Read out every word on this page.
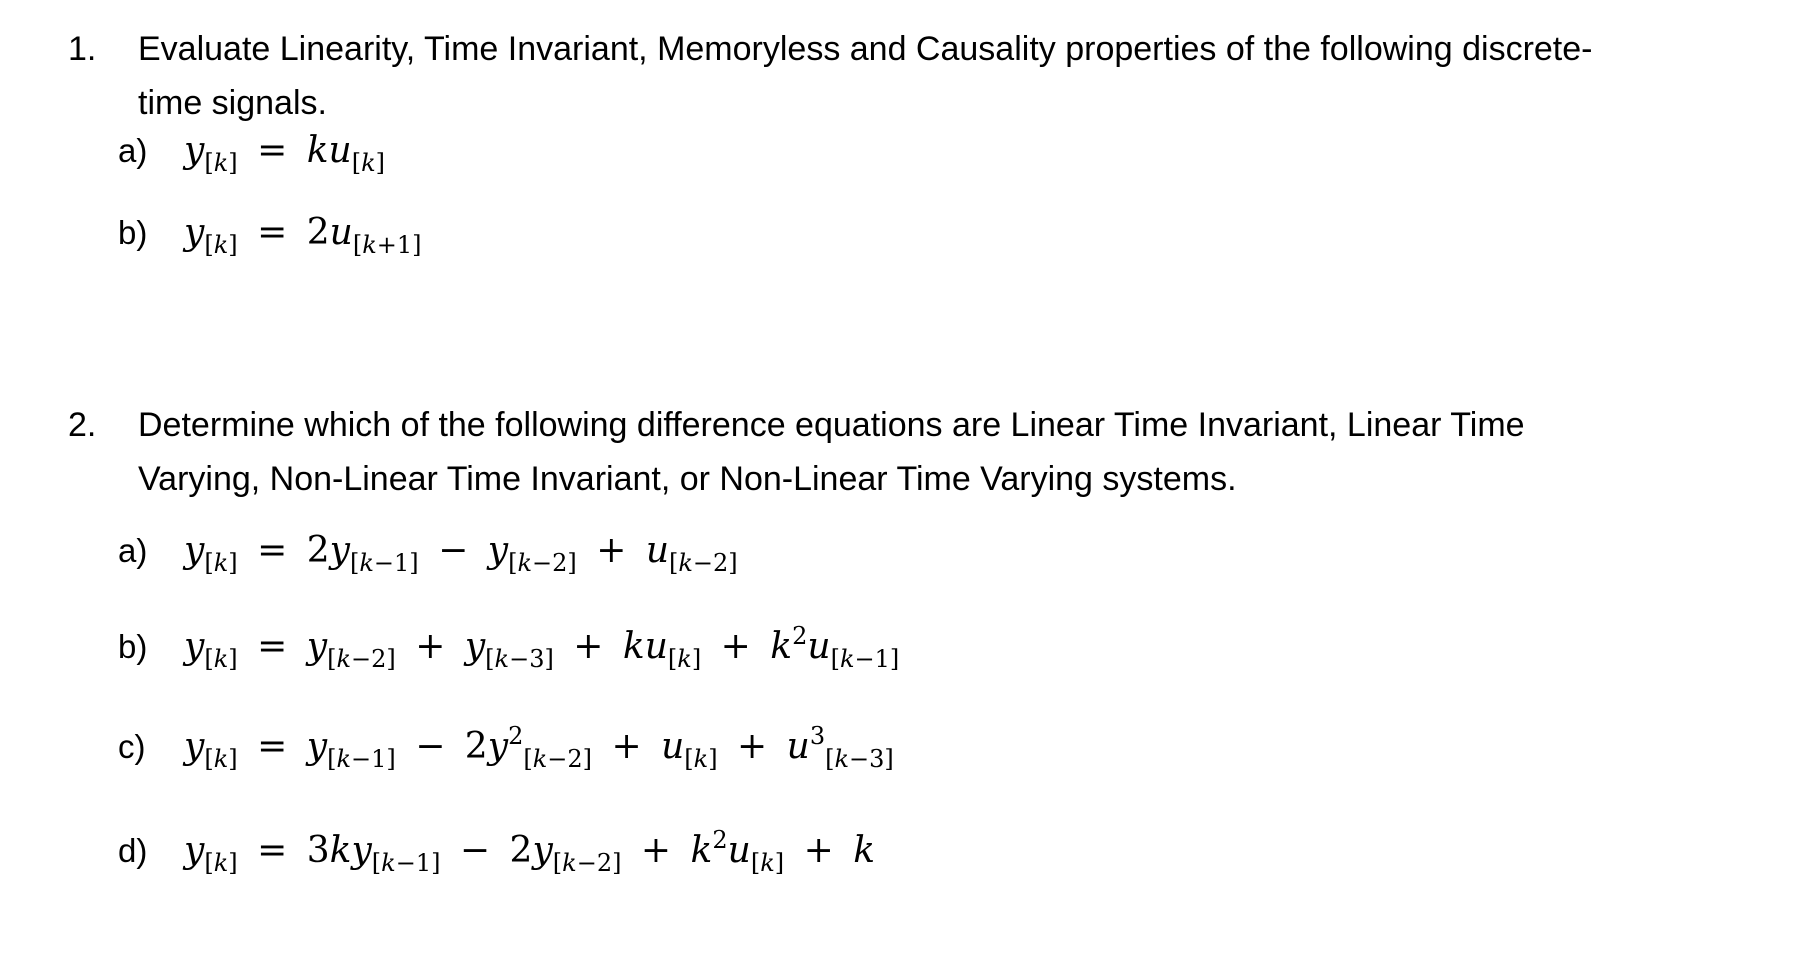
1.	Evaluate Linearity, Time Invariant, Memoryless and Causality properties of the following discrete-
time signals.
a)	$y_{[k]} = ku_{[k]}$
b)	$y_{[k]} = 2u_{[k+1]}$
2.	Determine which of the following difference equations are Linear Time Invariant, Linear Time
Varying, Non-Linear Time Invariant, or Non-Linear Time Varying systems.
a)	$y_{[k]} = 2y_{[k-1]} - y_{[k-2]} + u_{[k-2]}$
b)	$y_{[k]} = y_{[k-2]} + y_{[k-3]} + ku_{[k]} + k^2u_{[k-1]}$
c)	$y_{[k]} = y_{[k-1]} - 2y^2_{[k-2]} + u_{[k]} + u^3_{[k-3]}$
d)	$y_{[k]} = 3ky_{[k-1]} - 2y_{[k-2]} + k^2u_{[k]} + k$
